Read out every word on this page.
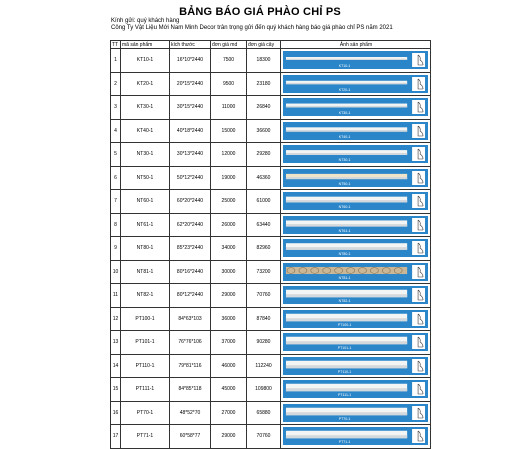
BẢNG BÁO GIÁ PHÀO CHỈ PS
Kính gửi: quý khách hàng
Công Ty Vật Liệu Mới Nam Minh Decor trân trọng gửi đến quý khách hàng báo giá phào chỉ PS năm 2021
TT	mã sản phẩm	kích thước	đơn giá md	đơn giá cây	Ảnh sản phẩm
1	KT10-1	16*10*2440	7500	18300	KT10-1

2	KT20-1	20*15*2440	9500	23180	KT20-1

3	KT30-1	30*15*2440	11000	26840	KT30-1

4	KT40-1	40*18*2440	15000	36600	KT40-1

5	NT30-1	30*13*2440	12000	29280	NT30-1

6	NT50-1	50*12*2440	19000	46360	NT50-1

7	NT60-1	60*20*2440	25000	61000	NT60-1

8	NT61-1	62*20*2440	26000	63440	NT61-1

9	NT80-1	85*23*2440	34000	82960	NT80-1

10	NT81-1	80*16*2440	30000	73200	NT81-1

11	NT82-1	80*12*2440	29000	70760	NT82-1

12	PT100-1	84*63*103	36000	87840	PT100-1

13	PT101-1	76*76*106	37000	90280	PT101-1

14	PT110-1	79*81*116	46000	112240	PT110-1

15	PT111-1	84*85*118	45000	109800	PT111-1

16	PT70-1	48*52*70	27000	65880	PT70-1

17	PT71-1	60*58*77	29000	70760	PT71-1
